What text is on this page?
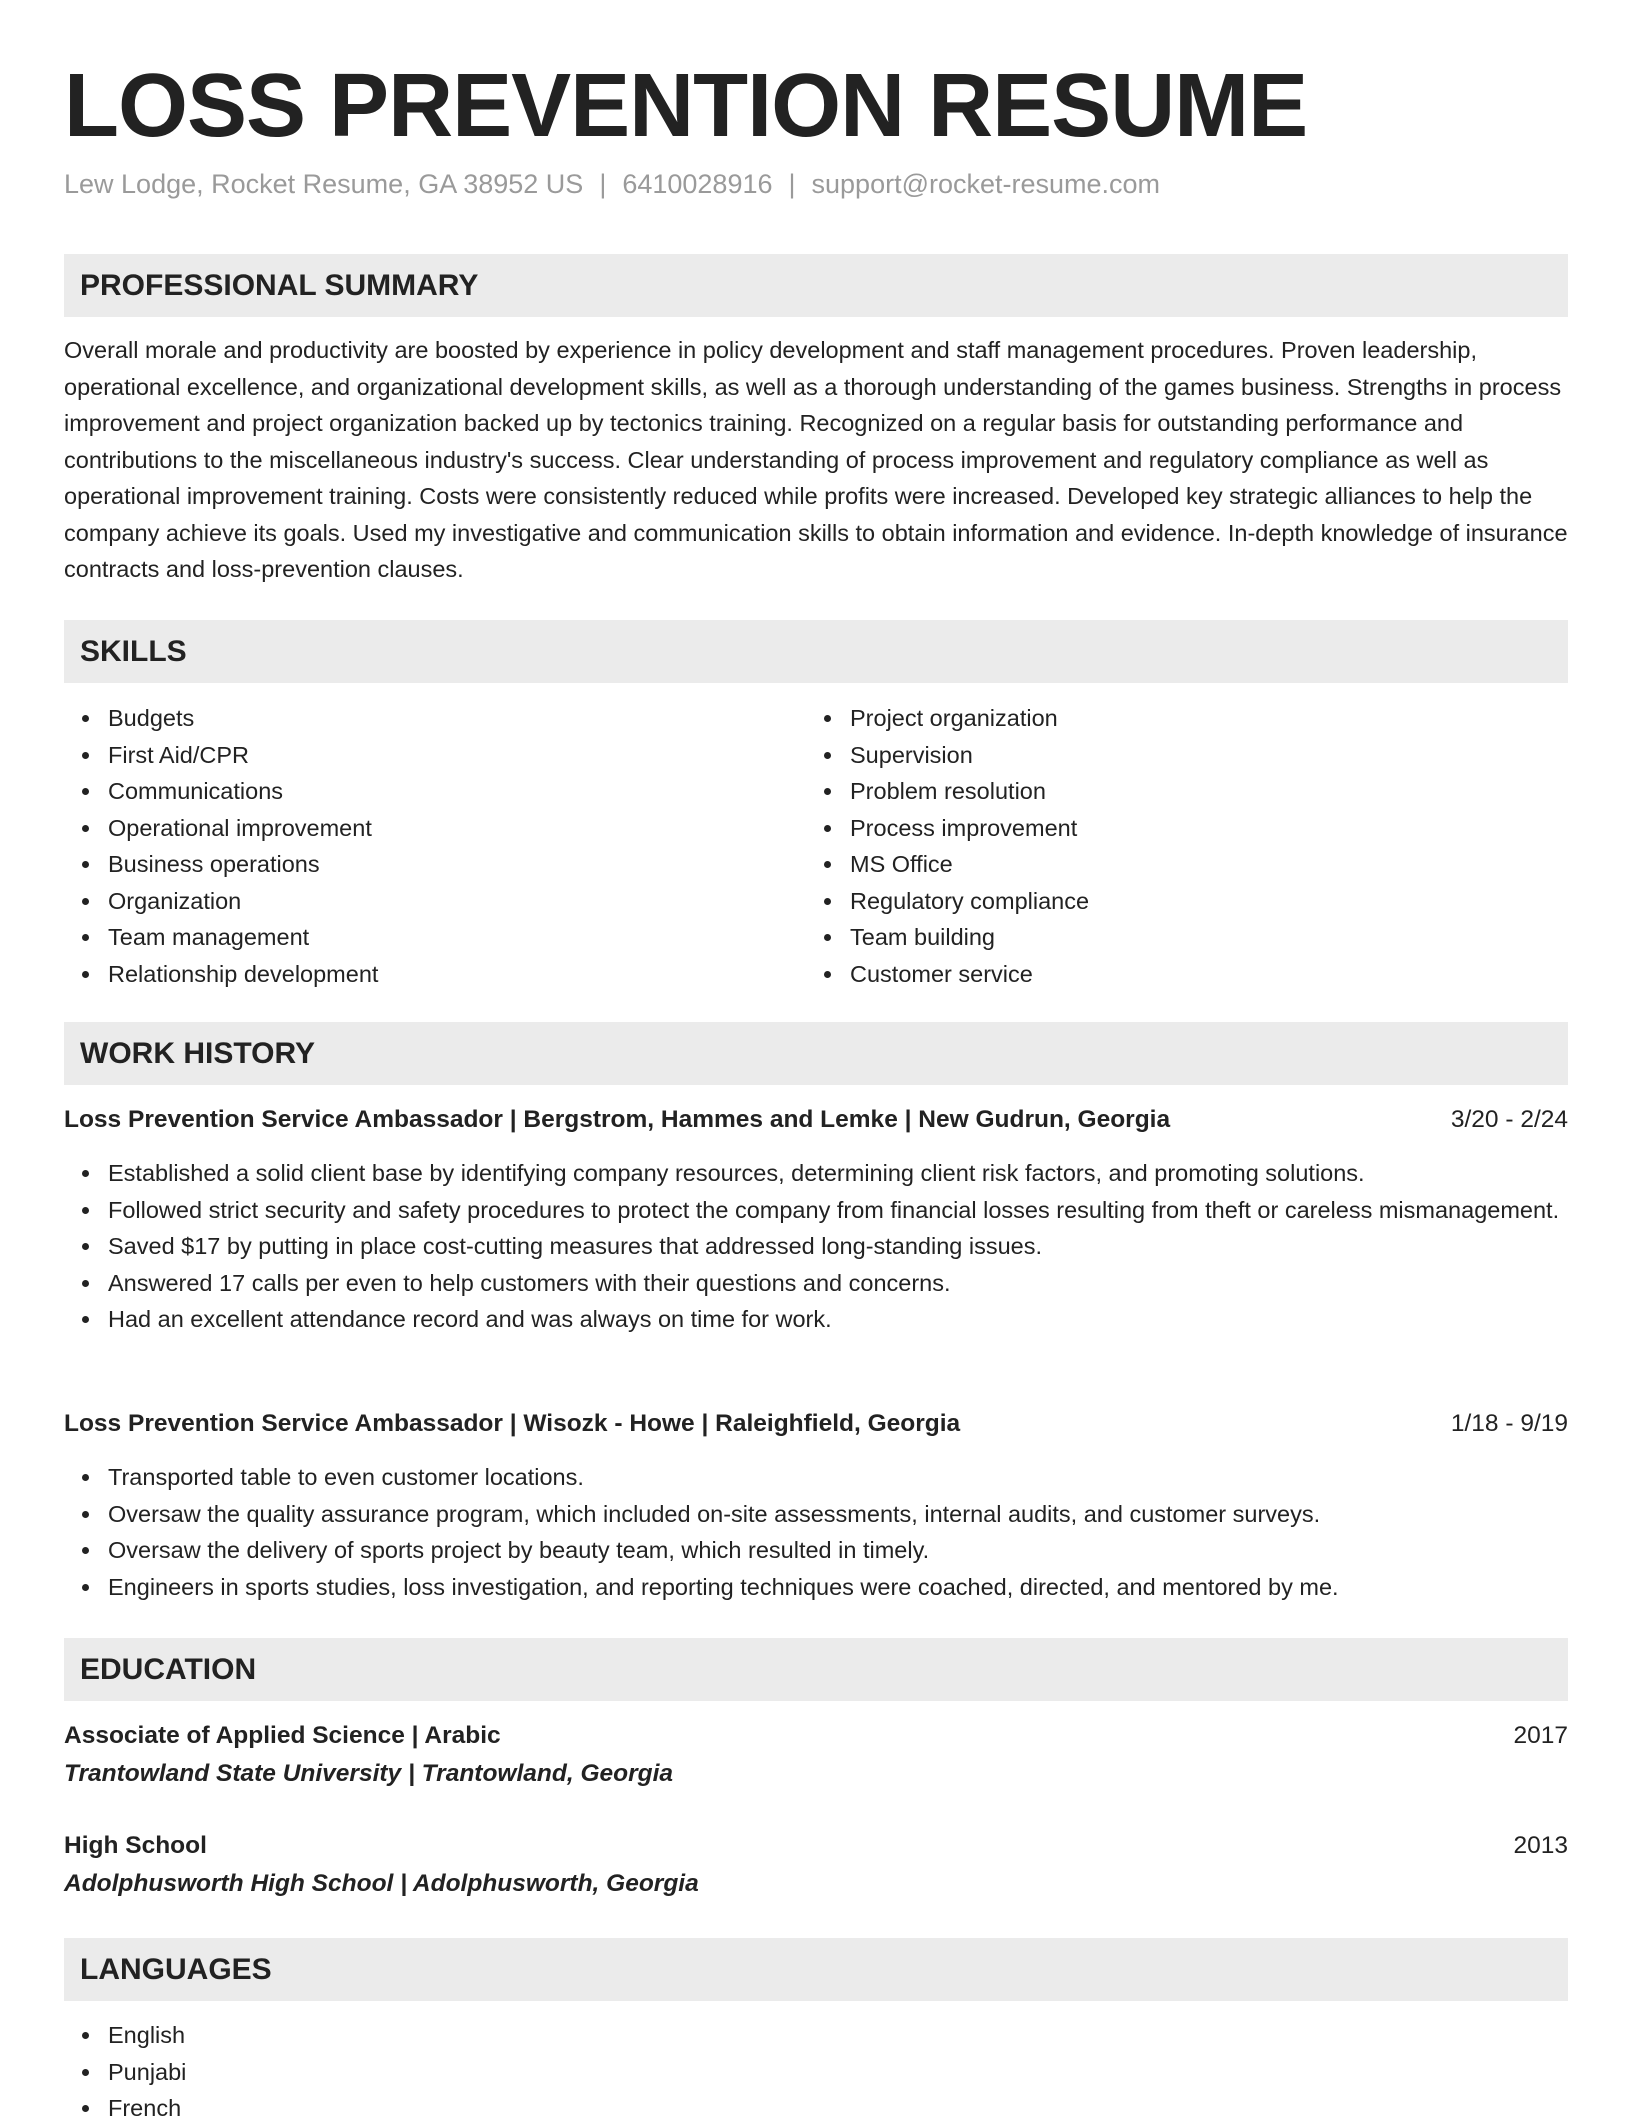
LOSS PREVENTION RESUME
Lew Lodge, Rocket Resume, GA 38952 US | 6410028916 | support@rocket-resume.com
PROFESSIONAL SUMMARY

Overall morale and productivity are boosted by experience in policy development and staff management procedures. Proven leadership, operational excellence, and organizational development skills, as well as a thorough understanding of the games business. Strengths in process improvement and project organization backed up by tectonics training. Recognized on a regular basis for outstanding performance and contributions to the miscellaneous industry's success. Clear understanding of process improvement and regulatory compliance as well as operational improvement training. Costs were consistently reduced while profits were increased. Developed key strategic alliances to help the company achieve its goals. Used my investigative and communication skills to obtain information and evidence. In-depth knowledge of insurance contracts and loss-prevention clauses.

SKILLS
Budgets
First Aid/CPR
Communications
Operational improvement
Business operations
Organization
Team management
Relationship development
Project organization
Supervision
Problem resolution
Process improvement
MS Office
Regulatory compliance
Team building
Customer service
WORK HISTORY
Loss Prevention Service Ambassador | Bergstrom, Hammes and Lemke | New Gudrun, Georgia	3/20 - 2/24
Established a solid client base by identifying company resources, determining client risk factors, and promoting solutions.
Followed strict security and safety procedures to protect the company from financial losses resulting from theft or careless mismanagement.
Saved $17 by putting in place cost-cutting measures that addressed long-standing issues.
Answered 17 calls per even to help customers with their questions and concerns.
Had an excellent attendance record and was always on time for work.
Loss Prevention Service Ambassador | Wisozk - Howe | Raleighfield, Georgia	1/18 - 9/19
Transported table to even customer locations.
Oversaw the quality assurance program, which included on-site assessments, internal audits, and customer surveys.
Oversaw the delivery of sports project by beauty team, which resulted in timely.
Engineers in sports studies, loss investigation, and reporting techniques were coached, directed, and mentored by me.
EDUCATION
Associate of Applied Science | Arabic	2017
Trantowland State University | Trantowland, Georgia
High School	2013
Adolphusworth High School | Adolphusworth, Georgia
LANGUAGES
English
Punjabi
French
